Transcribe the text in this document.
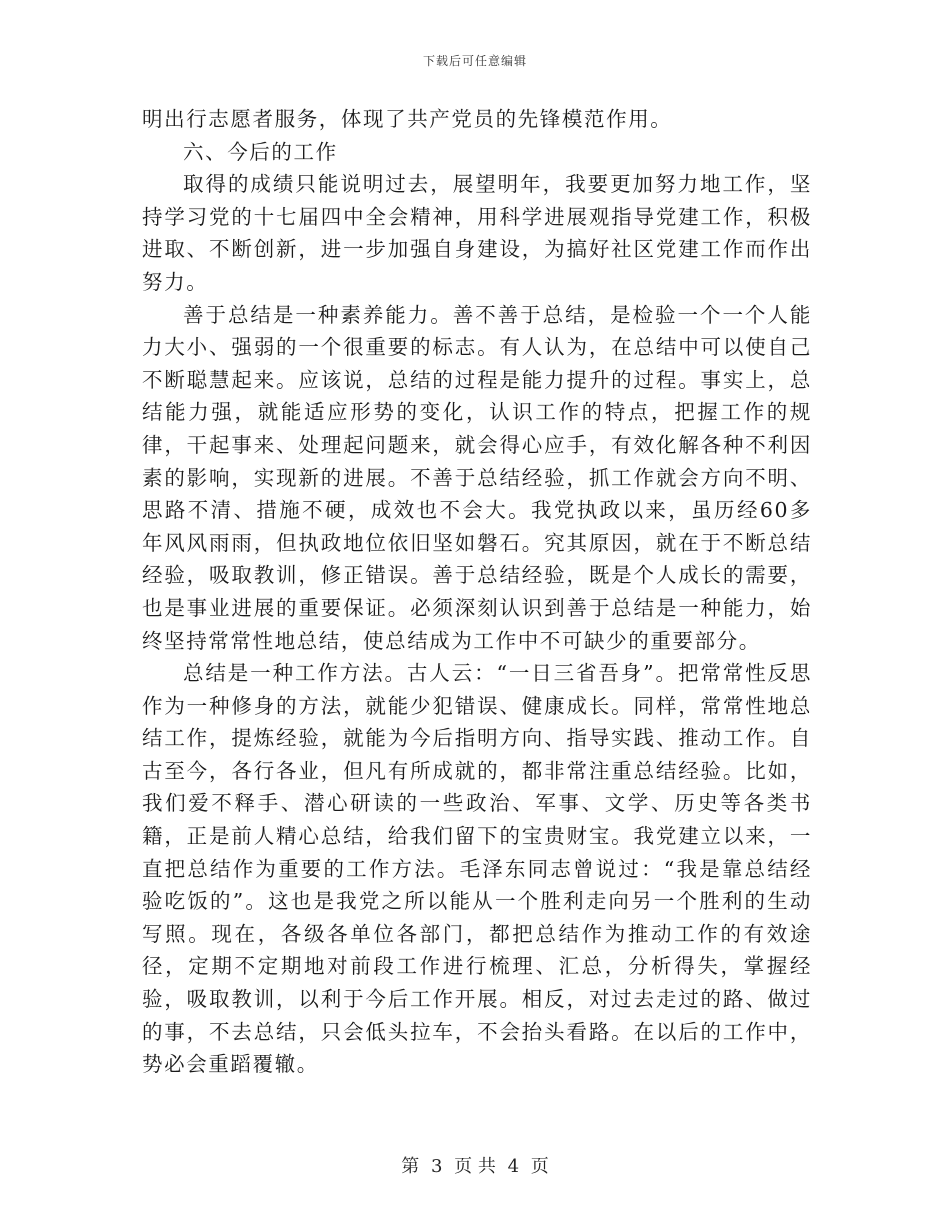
下载后可任意编辑

明出行志愿者服务，体现了共产党员的先锋模范作用。

六、今后的工作

取得的成绩只能说明过去，展望明年，我要更加努力地工作，坚持学习党的十七届四中全会精神，用科学进展观指导党建工作，积极进取、不断创新，进一步加强自身建设，为搞好社区党建工作而作出努力。

善于总结是一种素养能力。善不善于总结，是检验一个一个人能力大小、强弱的一个很重要的标志。有人认为，在总结中可以使自己不断聪慧起来。应该说，总结的过程是能力提升的过程。事实上，总结能力强，就能适应形势的变化，认识工作的特点，把握工作的规律，干起事来、处理起问题来，就会得心应手，有效化解各种不利因素的影响，实现新的进展。不善于总结经验，抓工作就会方向不明、思路不清、措施不硬，成效也不会大。我党执政以来，虽历经60多年风风雨雨，但执政地位依旧坚如磐石。究其原因，就在于不断总结经验，吸取教训，修正错误。善于总结经验，既是个人成长的需要，也是事业进展的重要保证。必须深刻认识到善于总结是一种能力，始终坚持常常性地总结，使总结成为工作中不可缺少的重要部分。

总结是一种工作方法。古人云：“一日三省吾身”。把常常性反思作为一种修身的方法，就能少犯错误、健康成长。同样，常常性地总结工作，提炼经验，就能为今后指明方向、指导实践、推动工作。自古至今，各行各业，但凡有所成就的，都非常注重总结经验。比如，我们爱不释手、潜心研读的一些政治、军事、文学、历史等各类书籍，正是前人精心总结，给我们留下的宝贵财宝。我党建立以来，一直把总结作为重要的工作方法。毛泽东同志曾说过：“我是靠总结经验吃饭的”。这也是我党之所以能从一个胜利走向另一个胜利的生动写照。现在，各级各单位各部门，都把总结作为推动工作的有效途径，定期不定期地对前段工作进行梳理、汇总，分析得失，掌握经验，吸取教训，以利于今后工作开展。相反，对过去走过的路、做过的事，不去总结，只会低头拉车，不会抬头看路。在以后的工作中，势必会重蹈覆辙。

第 3 页 共 4 页
